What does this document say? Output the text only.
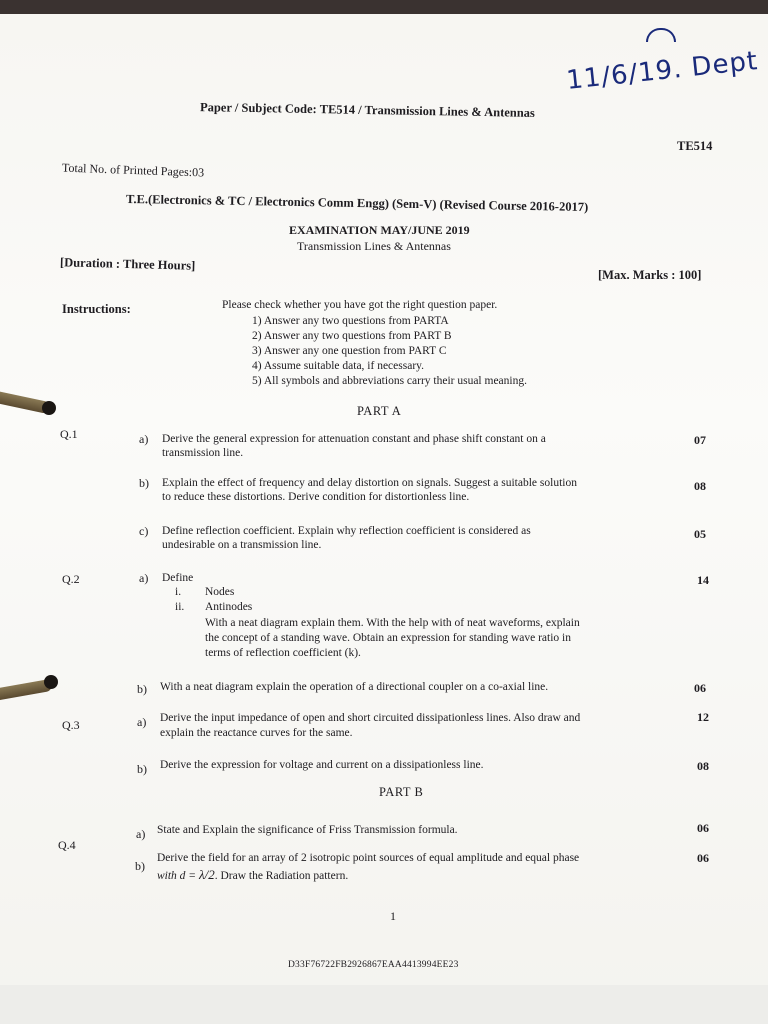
11/6/19. Dept
Paper / Subject Code: TE514 / Transmission Lines & Antennas
TE514
Total No. of Printed Pages:03
T.E.(Electronics & TC / Electronics Comm Engg) (Sem-V) (Revised Course 2016-2017)
EXAMINATION MAY/JUNE 2019
Transmission Lines & Antennas
[Duration : Three Hours]
[Max. Marks : 100]
Instructions:	Please check whether you have got the right question paper.
1) Answer any two questions from PARTA
2) Answer any two questions from PART B
3) Answer any one question from PART C
4) Assume suitable data, if necessary.
5) All symbols and abbreviations carry their usual meaning.
PART A
Q.1	a) Derive the general expression for attenuation constant and phase shift constant on a
transmission line.
07
b) Explain the effect of frequency and delay distortion on signals. Suggest a suitable solution
to reduce these distortions. Derive condition for distortionless line.
08
c) Define reflection coefficient. Explain why reflection coefficient is considered as
undesirable on a transmission line.
05
Q.2	a) Define	14
i. Nodes
ii. Antinodes
With a neat diagram explain them. With the help with of neat waveforms, explain
the concept of a standing wave. Obtain an expression for standing wave ratio in
terms of reflection coefficient (k).
b) With a neat diagram explain the operation of a directional coupler on a co-axial line.	06
Q.3	a) Derive the input impedance of open and short circuited dissipationless lines. Also draw and
explain the reactance curves for the same.
12
b) Derive the expression for voltage and current on a dissipationless line.	08
PART B
Q.4
a) State and Explain the significance of Friss Transmission formula.	06
b)
Derive the field for an array of 2 isotropic point sources of equal amplitude and equal phase
with d = λ/2. Draw the Radiation pattern.
06
1
D33F76722FB2926867EAA4413994EE23
